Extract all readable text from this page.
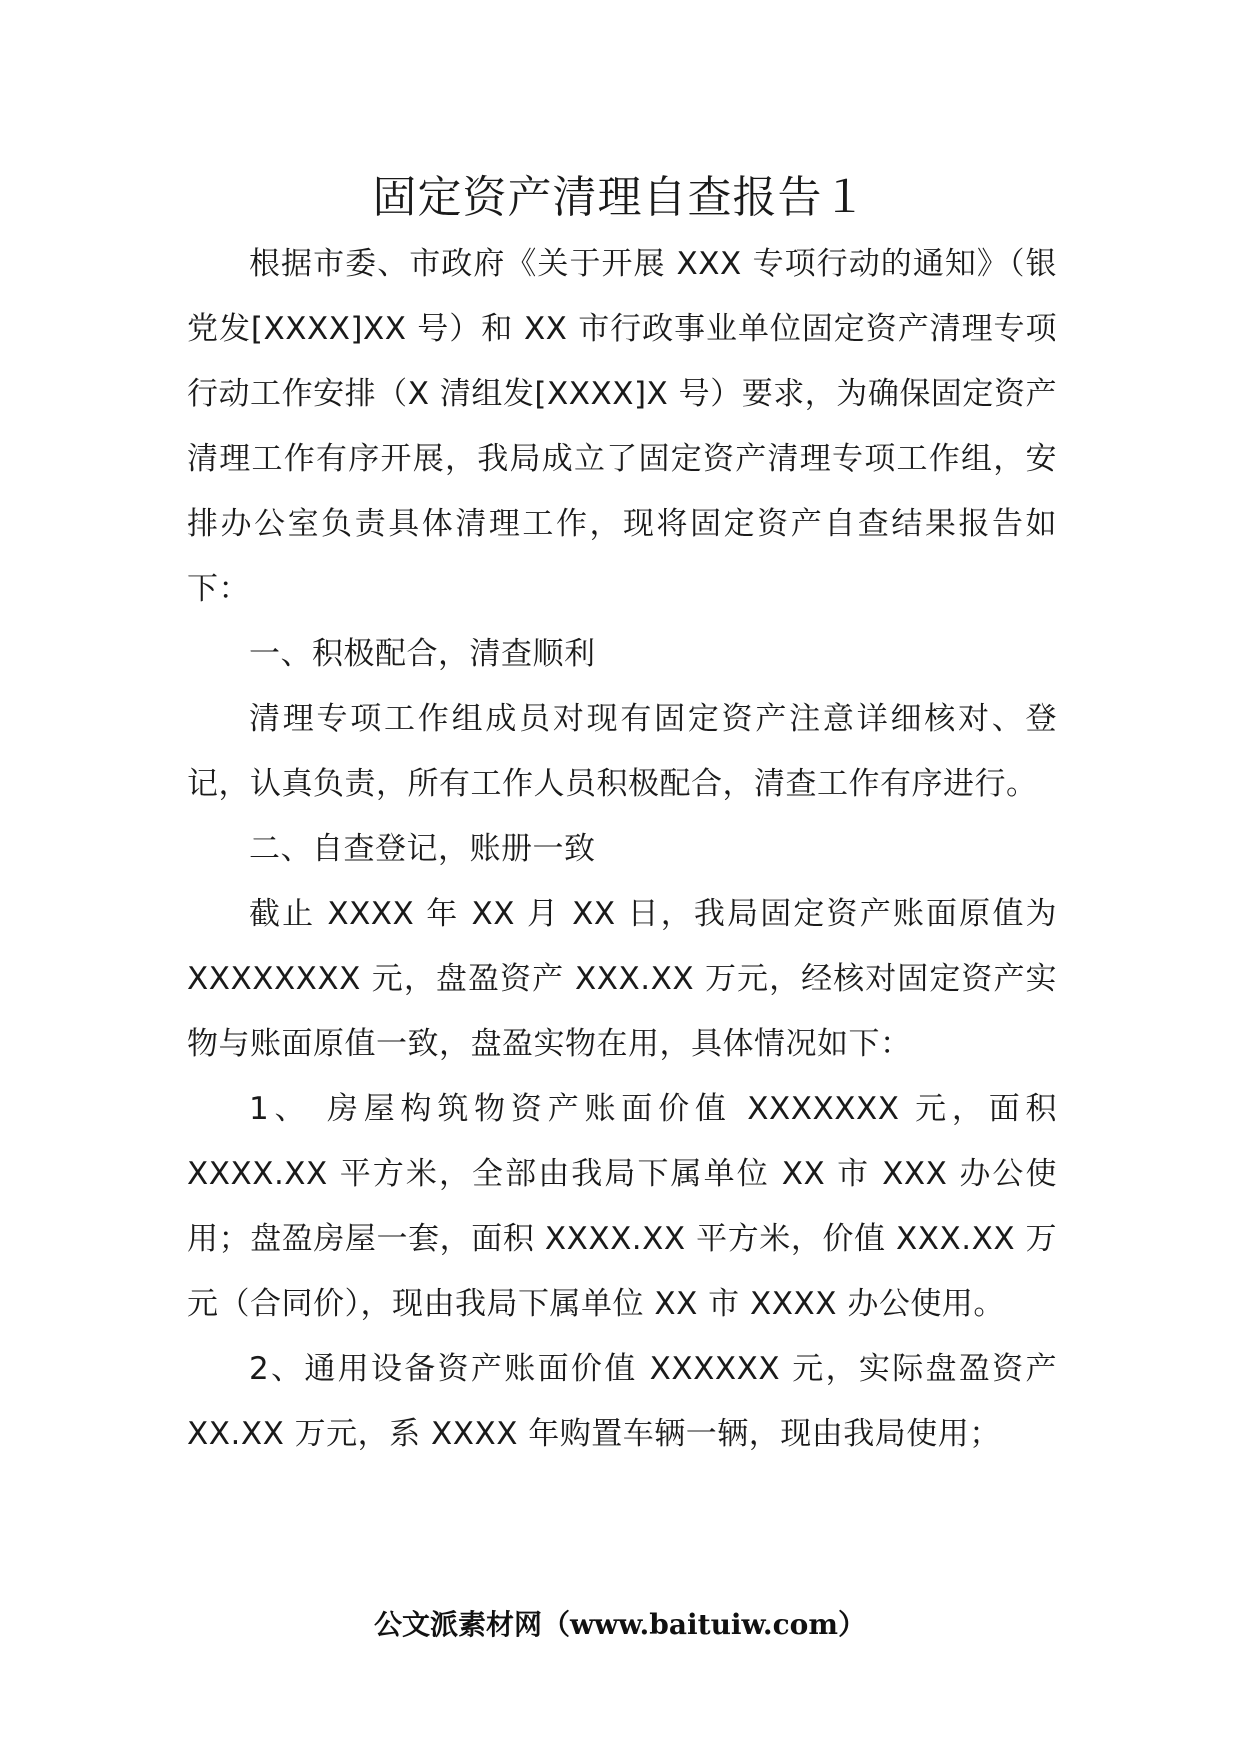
固定资产清理自查报告１

根据市委、市政府《关于开展 XXX 专项行动的通知》（银党发[XXXX]XX 号）和 XX 市行政事业单位固定资产清理专项行动工作安排（X 清组发[XXXX]X 号）要求，为确保固定资产清理工作有序开展，我局成立了固定资产清理专项工作组，安排办公室负责具体清理工作，现将固定资产自查结果报告如下：

一、积极配合，清查顺利

清理专项工作组成员对现有固定资产注意详细核对、登记，认真负责，所有工作人员积极配合，清查工作有序进行。

二、自查登记，账册一致

截止 XXXX 年 XX 月 XX 日，我局固定资产账面原值为 XXXXXXXX 元，盘盈资产 XXX.XX 万元，经核对固定资产实物与账面原值一致，盘盈实物在用，具体情况如下：

1、 房屋构筑物资产账面价值 XXXXXXX 元，面积 XXXX.XX 平方米，全部由我局下属单位 XX 市 XXX 办公使用；盘盈房屋一套，面积 XXXX.XX 平方米，价值 XXX.XX 万元（合同价），现由我局下属单位 XX 市 XXXX 办公使用。

2、通用设备资产账面价值 XXXXXX 元，实际盘盈资产 XX.XX 万元，系 XXXX 年购置车辆一辆，现由我局使用；

公文派素材网（www.baituiw.com）
